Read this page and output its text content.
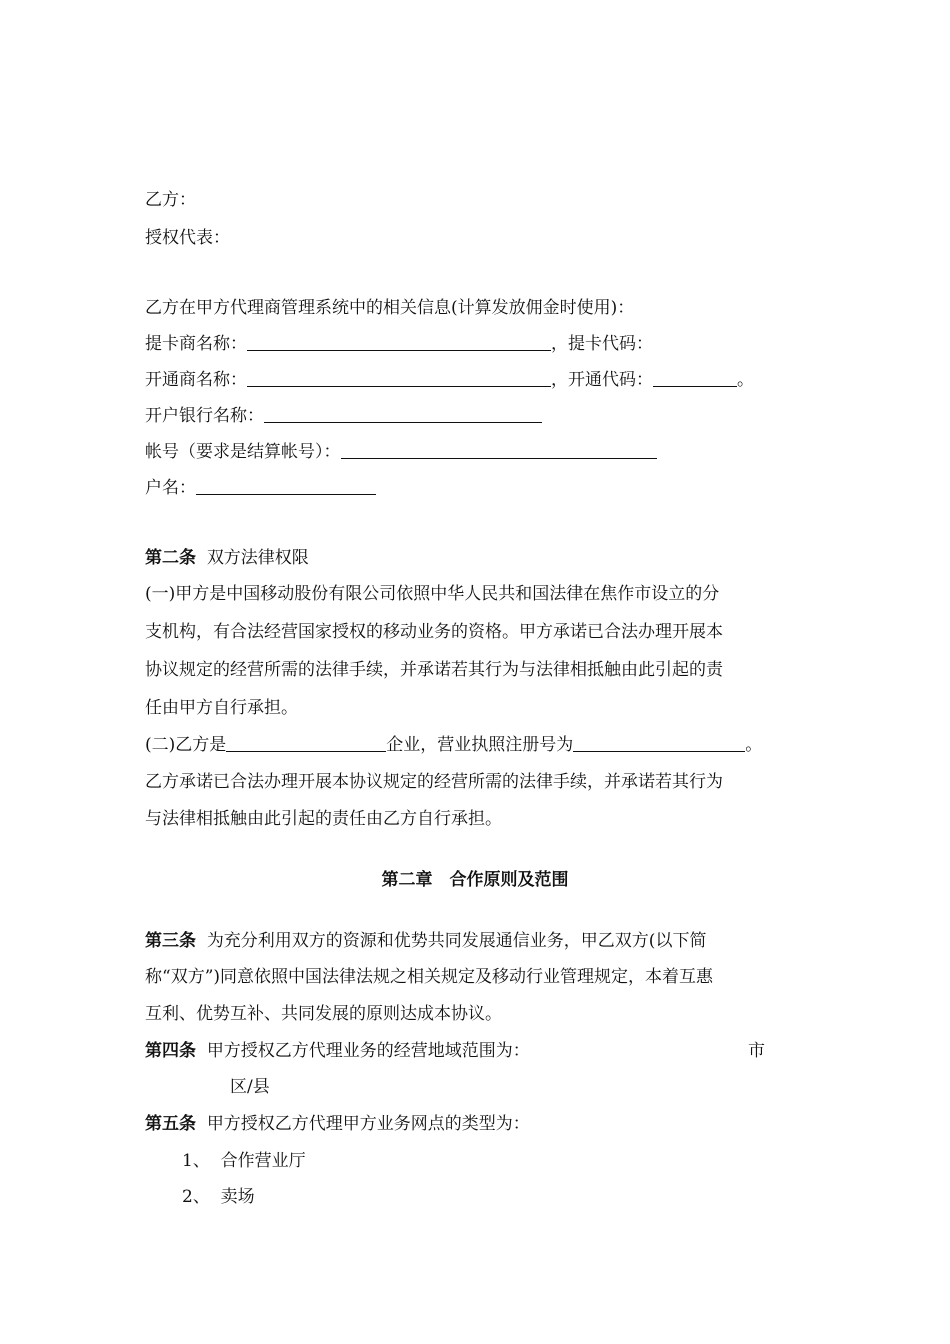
乙方：
授权代表：
乙方在甲方代理商管理系统中的相关信息(计算发放佣金时使用)：
提卡商名称：	，提卡代码：
开通商名称：	，开通代码：	。
开户银行名称：
帐号（要求是结算帐号）：
户名：
第二条 双方法律权限
(一)甲方是中国移动股份有限公司依照中华人民共和国法律在焦作市设立的分
支机构，有合法经营国家授权的移动业务的资格。甲方承诺已合法办理开展本
协议规定的经营所需的法律手续，并承诺若其行为与法律相抵触由此引起的责
任由甲方自行承担。
(二)乙方是	企业，营业执照注册号为	。
乙方承诺已合法办理开展本协议规定的经营所需的法律手续，并承诺若其行为
与法律相抵触由此引起的责任由乙方自行承担。
第二章　合作原则及范围
第三条 为充分利用双方的资源和优势共同发展通信业务，甲乙双方(以下简
称“双方”)同意依照中国法律法规之相关规定及移动行业管理规定，本着互惠
互利、优势互补、共同发展的原则达成本协议。
第四条 甲方授权乙方代理业务的经营地域范围为：	市
区/县
第五条 甲方授权乙方代理甲方业务网点的类型为：
1、 合作营业厅
2、 卖场
